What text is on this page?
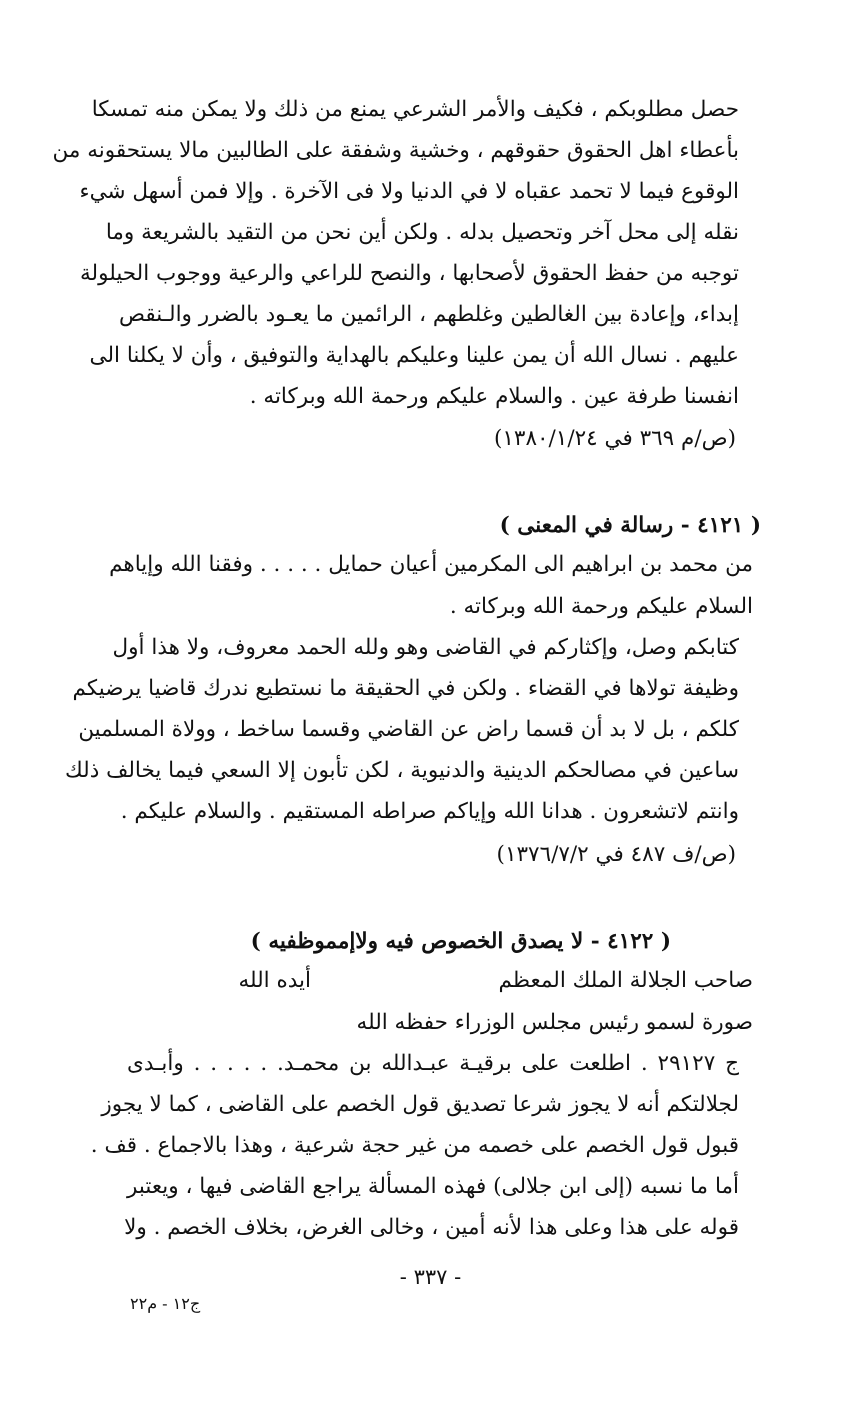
حصل مطلوبكم ، فكيف والأمر الشرعي يمنع من ذلك ولا يمكن منه تمسكا

بأعطاء اهل الحقوق حقوقهم ، وخشية وشفقة على الطالبين مالا يستحقونه من

الوقوع فيما لا تحمد عقباه لا في الدنيا ولا فى الآخرة . وإلا فمن أسهل شيء

نقله إلى محل آخر وتحصيل بدله . ولكن أين نحن من التقيد بالشريعة وما

توجبه من حفظ الحقوق لأصحابها ، والنصح للراعي والرعية ووجوب الحيلولة

إبداء، وإعادة بين الغالطين وغلطهم ، الرائمين ما يعـود بالضرر والـنقص

عليهم . نسال الله أن يمن علينا وعليكم بالهداية والتوفيق ، وأن لا يكلنا الى

انفسنا طرفة عين . والسلام عليكم ورحمة الله وبركاته .

(ص/م ٣٦٩ في ١٣٨٠/١/٢٤)

( ٤١٢١ - رسالة في المعنى )

من محمد بن ابراهيم الى المكرمين أعيان حمايل . . . . . وفقنا الله وإياهم

السلام عليكم ورحمة الله وبركاته .

كتابكم وصل، وإكثاركم في القاضى وهو ولله الحمد معروف، ولا هذا أول

وظيفة تولاها في القضاء . ولكن في الحقيقة ما نستطيع ندرك قاضيا يرضيكم

كلكم ، بل لا بد أن قسما راض عن القاضي وقسما ساخط ، وولاة المسلمين

ساعين في مصالحكم الدينية والدنيوية ، لكن تأبون إلا السعي فيما يخالف ذلك

وانتم لاتشعرون . هدانا الله وإياكم صراطه المستقيم . والسلام عليكم .

(ص/ف ٤٨٧ في ١٣٧٦/٧/٢)

( ٤١٢٢ - لا يصدق الخصوص فيه ولاإمموظفيه )

صاحب الجلالة الملك المعظم

أيده الله

صورة لسمو رئيس مجلس الوزراء حفظه الله

ج ٢٩١٢٧ . اطلعت على برقيـة عبـدالله بن محمـد. . . . . . وأبـدى

لجلالتكم أنه لا يجوز شرعا تصديق قول الخصم على القاضى ، كما لا يجوز

قبول قول الخصم على خصمه من غير حجة شرعية ، وهذا بالاجماع . قف .

أما ما نسبه (إلى ابن جلالى) فهذه المسألة يراجع القاضى فيها ، ويعتبر

قوله على هذا وعلى هذا لأنه أمين ، وخالى الغرض، بخلاف الخصم . ولا

- ٣٣٧ -

ج١٢ - م٢٢
